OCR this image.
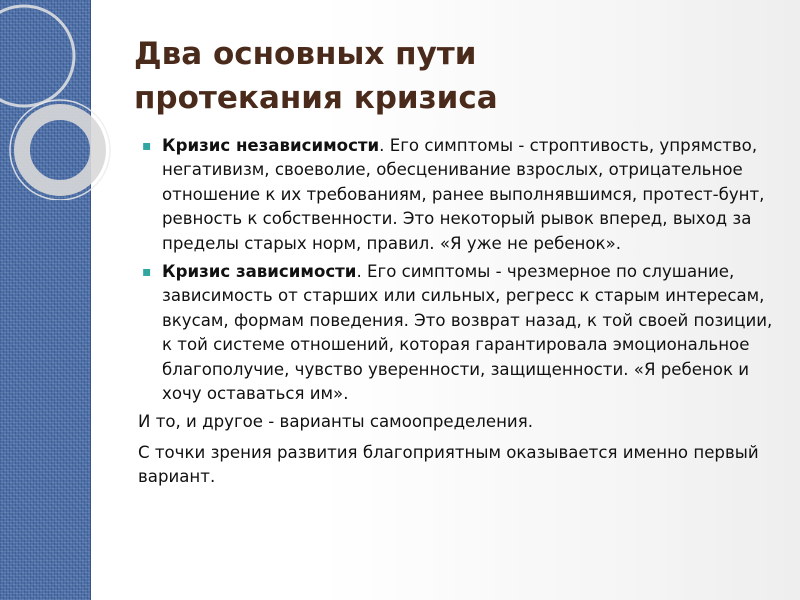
Два основных пути
протекания кризиса
▪ Кризис независимости. Его симптомы - строптивость, упрямство, негативизм, своеволие, обесценивание взрослых, отрицательное отношение к их требованиям, ранее выполнявшимся, протест-бунт, ревность к собственности. Это некоторый рывок вперед, выход за пределы старых норм, правил. «Я уже не ребенок».
▪ Кризис зависимости. Его симптомы - чрезмерное по слушание, зависимость от старших или сильных, регресс к старым интересам, вкусам, формам поведения. Это возврат назад, к той своей позиции, к той системе отношений, которая гарантировала эмоциональное благополучие, чувство уверенности, защищенности. «Я ребенок и хочу оставаться им».

И то, и другое - варианты самоопределения.

С точки зрения развития благоприятным оказывается именно первый вариант.
